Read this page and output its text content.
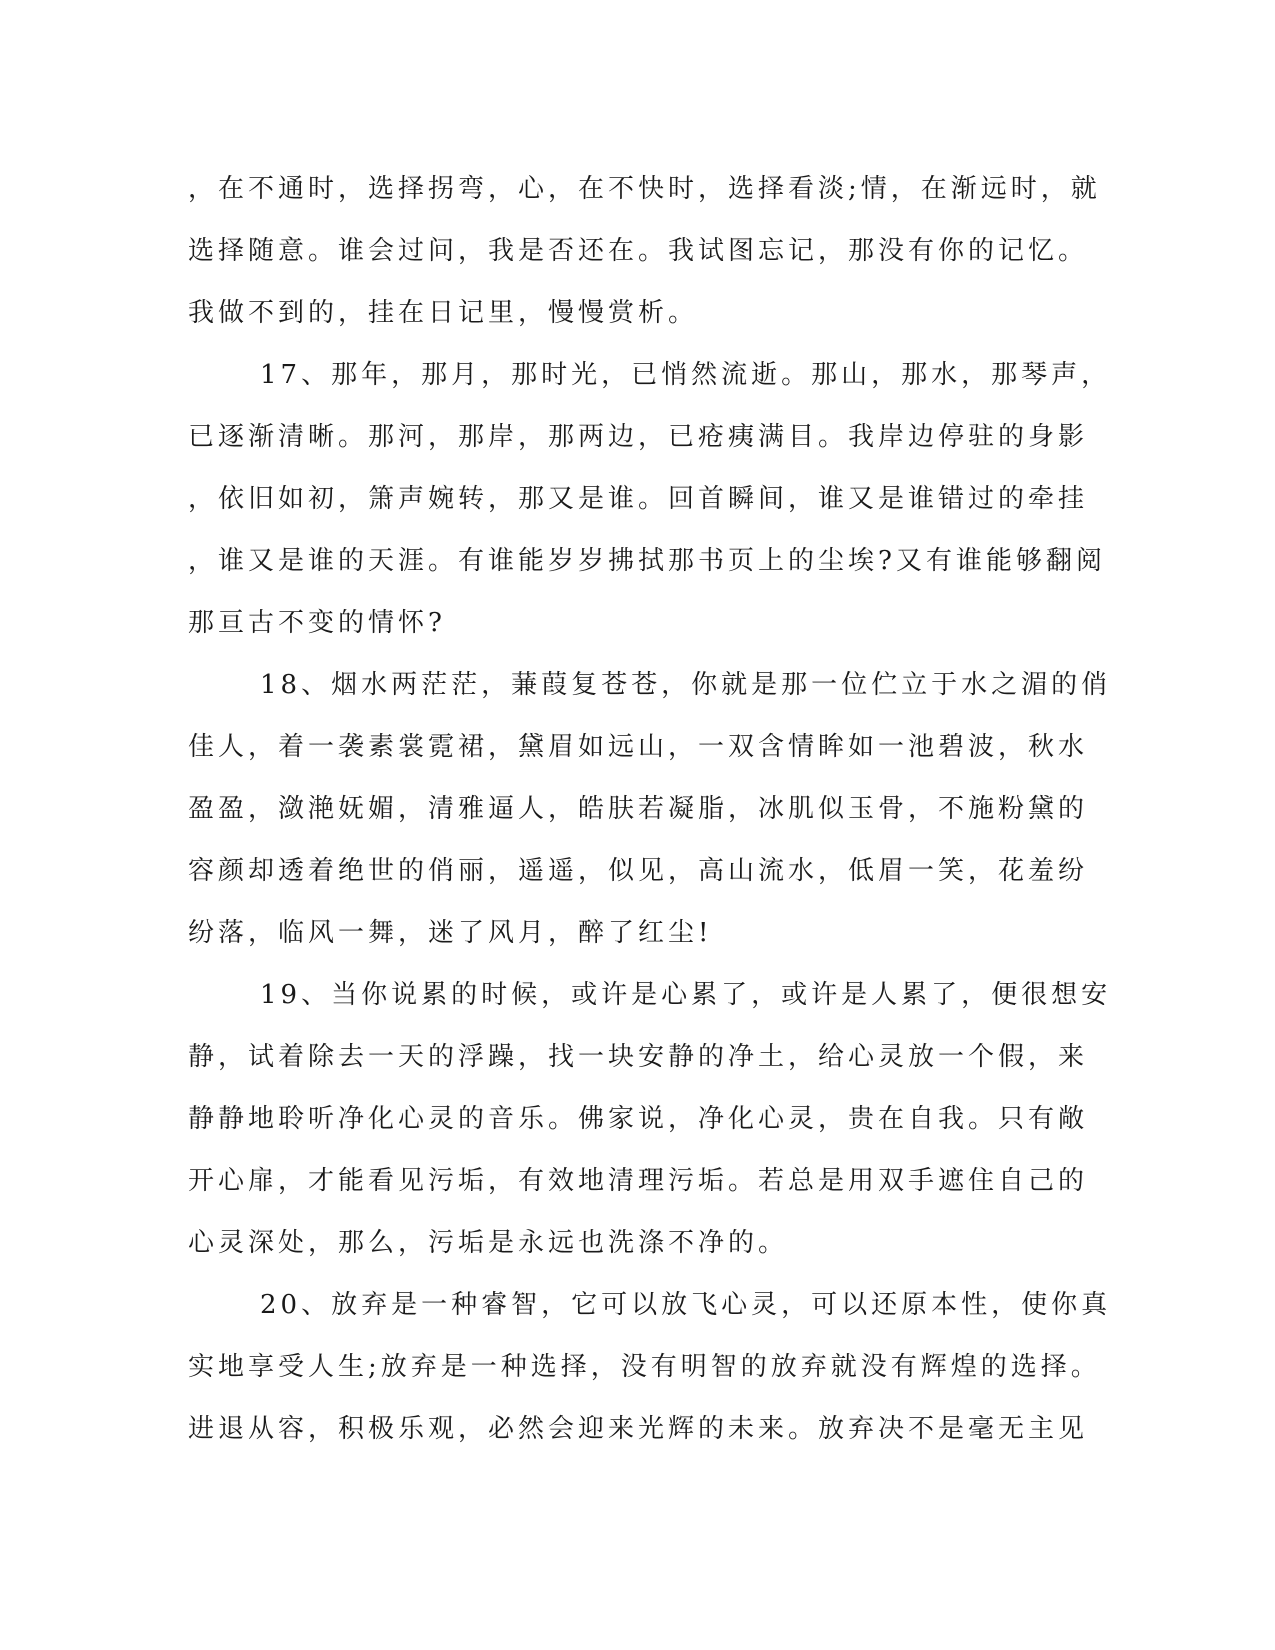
，在不通时，选择拐弯，心，在不快时，选择看淡;情，在渐远时，就
选择随意。谁会过问，我是否还在。我试图忘记，那没有你的记忆。
我做不到的，挂在日记里，慢慢赏析。
17、那年，那月，那时光，已悄然流逝。那山，那水，那琴声，
已逐渐清晰。那河，那岸，那两边，已疮痍满目。我岸边停驻的身影
，依旧如初，箫声婉转，那又是谁。回首瞬间，谁又是谁错过的牵挂
，谁又是谁的天涯。有谁能岁岁拂拭那书页上的尘埃?又有谁能够翻阅
那亘古不变的情怀?
18、烟水两茫茫，蒹葭复苍苍，你就是那一位伫立于水之湄的俏
佳人，着一袭素裳霓裙，黛眉如远山，一双含情眸如一池碧波，秋水
盈盈，潋滟妩媚，清雅逼人，皓肤若凝脂，冰肌似玉骨，不施粉黛的
容颜却透着绝世的俏丽，遥遥，似见，高山流水，低眉一笑，花羞纷
纷落，临风一舞，迷了风月，醉了红尘!
19、当你说累的时候，或许是心累了，或许是人累了，便很想安
静，试着除去一天的浮躁，找一块安静的净土，给心灵放一个假，来
静静地聆听净化心灵的音乐。佛家说，净化心灵，贵在自我。只有敞
开心扉，才能看见污垢，有效地清理污垢。若总是用双手遮住自己的
心灵深处，那么，污垢是永远也洗涤不净的。
20、放弃是一种睿智，它可以放飞心灵，可以还原本性，使你真
实地享受人生;放弃是一种选择，没有明智的放弃就没有辉煌的选择。
进退从容，积极乐观，必然会迎来光辉的未来。放弃决不是毫无主见
